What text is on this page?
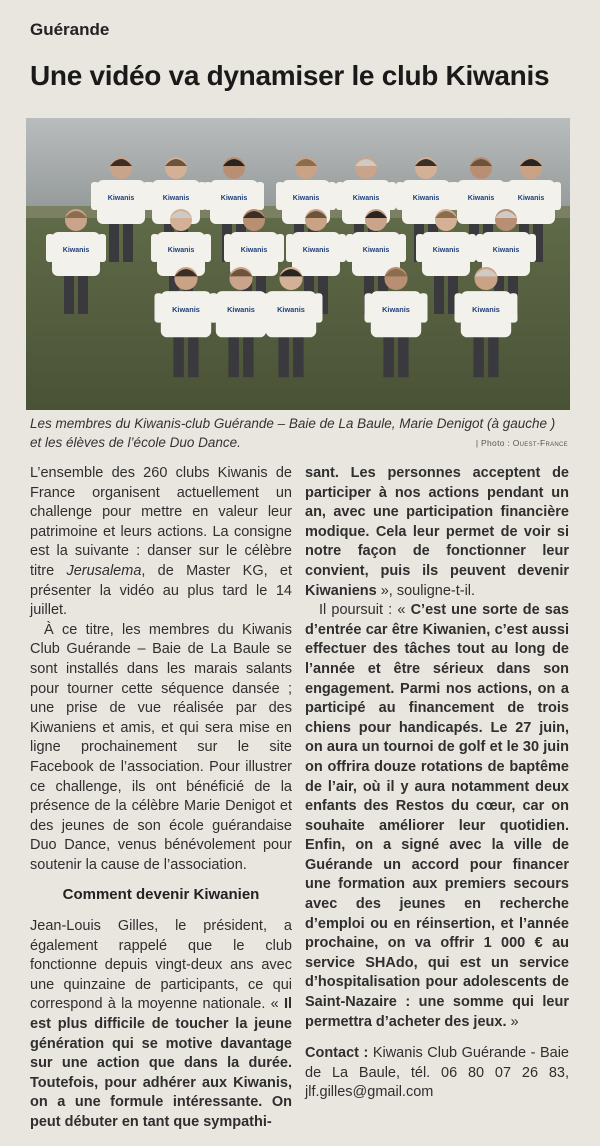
Guérande
Une vidéo va dynamiser le club Kiwanis
Kiwanis	Kiwanis	Kiwanis	Kiwanis	Kiwanis	Kiwanis	Kiwanis	Kiwanis
Kiwanis	Kiwanis	Kiwanis	Kiwanis	Kiwanis	Kiwanis	Kiwanis
Kiwanis	Kiwanis	Kiwanis	Kiwanis	Kiwanis
Les membres du Kiwanis-club Guérande – Baie de La Baule, Marie Denigot (à gauche ) et les élèves de l’école Duo Dance.	| Photo : Ouest-France

L’ensemble des 260 clubs Kiwanis de France organisent actuellement un challenge pour mettre en valeur leur patrimoine et leurs actions. La consigne est la suivante : danser sur le célèbre titre Jerusalema, de Master KG, et présenter la vidéo au plus tard le 14 juillet.

À ce titre, les membres du Kiwanis Club Guérande – Baie de La Baule se sont installés dans les marais salants pour tourner cette séquence dansée ; une prise de vue réalisée par des Kiwaniens et amis, et qui sera mise en ligne prochainement sur le site Facebook de l’association. Pour illustrer ce challenge, ils ont bénéficié de la présence de la célèbre Marie Denigot et des jeunes de son école guérandaise Duo Dance, venus bénévolement pour soutenir la cause de l’association.

Comment devenir Kiwanien

Jean-Louis Gilles, le président, a également rappelé que le club fonctionne depuis vingt-deux ans avec une quinzaine de participants, ce qui correspond à la moyenne nationale. « Il est plus difficile de toucher la jeune génération qui se motive davantage sur une action que dans la durée. Toutefois, pour adhérer aux Kiwanis, on a une formule intéressante. On peut débuter en tant que sympathi-

sant. Les personnes acceptent de participer à nos actions pendant un an, avec une participation financière modique. Cela leur permet de voir si notre façon de fonctionner leur convient, puis ils peuvent devenir Kiwaniens », souligne-t-il.

Il poursuit : « C’est une sorte de sas d’entrée car être Kiwanien, c’est aussi effectuer des tâches tout au long de l’année et être sérieux dans son engagement. Parmi nos actions, on a participé au financement de trois chiens pour handicapés. Le 27 juin, on aura un tournoi de golf et le 30 juin on offrira douze rotations de baptême de l’air, où il y aura notamment deux enfants des Restos du cœur, car on souhaite améliorer leur quotidien. Enfin, on a signé avec la ville de Guérande un accord pour financer une formation aux premiers secours avec des jeunes en recherche d’emploi ou en réinsertion, et l’année prochaine, on va offrir 1 000 € au service SHAdo, qui est un service d’hospitalisation pour adolescents de Saint-Nazaire : une somme qui leur permettra d’acheter des jeux. »

Contact : Kiwanis Club Guérande - Baie de La Baule, tél. 06 80 07 26 83, jlf.gilles@gmail.com
